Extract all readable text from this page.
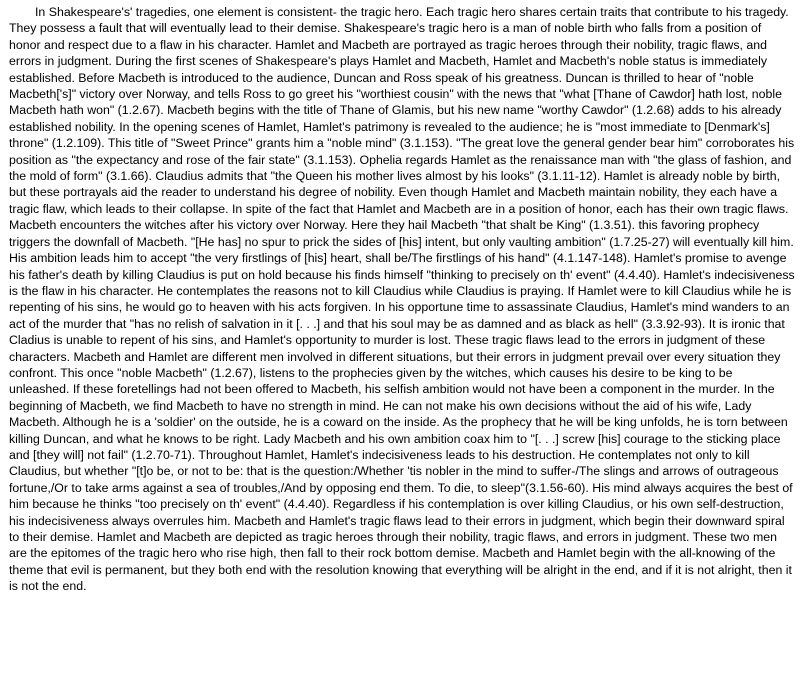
In Shakespeare's' tragedies, one element is consistent- the tragic hero. Each tragic hero shares certain traits that contribute to his tragedy. They possess a fault that will eventually lead to their demise. Shakespeare's tragic hero is a man of noble birth who falls from a position of honor and respect due to a flaw in his character. Hamlet and Macbeth are portrayed as tragic heroes through their nobility, tragic flaws, and errors in judgment. During the first scenes of Shakespeare's plays Hamlet and Macbeth, Hamlet and Macbeth's noble status is immediately established. Before Macbeth is introduced to the audience, Duncan and Ross speak of his greatness. Duncan is thrilled to hear of "noble Macbeth['s]" victory over Norway, and tells Ross to go greet his "worthiest cousin" with the news that "what [Thane of Cawdor] hath lost, noble Macbeth hath won" (1.2.67). Macbeth begins with the title of Thane of Glamis, but his new name "worthy Cawdor" (1.2.68) adds to his already established nobility. In the opening scenes of Hamlet, Hamlet's patrimony is revealed to the audience; he is "most immediate to [Denmark's] throne" (1.2.109). This title of "Sweet Prince" grants him a "noble mind" (3.1.153). "The great love the general gender bear him" corroborates his position as "the expectancy and rose of the fair state" (3.1.153). Ophelia regards Hamlet as the renaissance man with "the glass of fashion, and the mold of form" (3.1.66). Claudius admits that "the Queen his mother lives almost by his looks" (3.1.11-12). Hamlet is already noble by birth, but these portrayals aid the reader to understand his degree of nobility. Even though Hamlet and Macbeth maintain nobility, they each have a tragic flaw, which leads to their collapse. In spite of the fact that Hamlet and Macbeth are in a position of honor, each has their own tragic flaws. Macbeth encounters the witches after his victory over Norway. Here they hail Macbeth "that shalt be King" (1.3.51). this favoring prophecy triggers the downfall of Macbeth. "[He has] no spur to prick the sides of [his] intent, but only vaulting ambition" (1.7.25-27) will eventually kill him. His ambition leads him to accept "the very firstlings of [his] heart, shall be/The firstlings of his hand" (4.1.147-148). Hamlet's promise to avenge his father's death by killing Claudius is put on hold because his finds himself "thinking to precisely on th' event" (4.4.40). Hamlet's indecisiveness is the flaw in his character. He contemplates the reasons not to kill Claudius while Claudius is praying. If Hamlet were to kill Claudius while he is repenting of his sins, he would go to heaven with his acts forgiven. In his opportune time to assassinate Claudius, Hamlet's mind wanders to an act of the murder that "has no relish of salvation in it [. . .] and that his soul may be as damned and as black as hell" (3.3.92-93). It is ironic that Cladius is unable to repent of his sins, and Hamlet's opportunity to murder is lost. These tragic flaws lead to the errors in judgment of these characters. Macbeth and Hamlet are different men involved in different situations, but their errors in judgment prevail over every situation they confront. This once "noble Macbeth" (1.2.67), listens to the prophecies given by the witches, which causes his desire to be king to be unleashed. If these foretellings had not been offered to Macbeth, his selfish ambition would not have been a component in the murder. In the beginning of Macbeth, we find Macbeth to have no strength in mind. He can not make his own decisions without the aid of his wife, Lady Macbeth. Although he is a 'soldier' on the outside, he is a coward on the inside. As the prophecy that he will be king unfolds, he is torn between killing Duncan, and what he knows to be right. Lady Macbeth and his own ambition coax him to "[. . .] screw [his] courage to the sticking place and [they will] not fail" (1.2.70-71). Throughout Hamlet, Hamlet's indecisiveness leads to his destruction. He contemplates not only to kill Claudius, but whether "[t]o be, or not to be: that is the question:/Whether 'tis nobler in the mind to suffer-/The slings and arrows of outrageous fortune,/Or to take arms against a sea of troubles,/And by opposing end them. To die, to sleep"(3.1.56-60). His mind always acquires the best of him because he thinks "too precisely on th' event" (4.4.40). Regardless if his contemplation is over killing Claudius, or his own self-destruction, his indecisiveness always overrules him. Macbeth and Hamlet's tragic flaws lead to their errors in judgment, which begin their downward spiral to their demise. Hamlet and Macbeth are depicted as tragic heroes through their nobility, tragic flaws, and errors in judgment. These two men are the epitomes of the tragic hero who rise high, then fall to their rock bottom demise. Macbeth and Hamlet begin with the all-knowing of the theme that evil is permanent, but they both end with the resolution knowing that everything will be alright in the end, and if it is not alright, then it is not the end.
